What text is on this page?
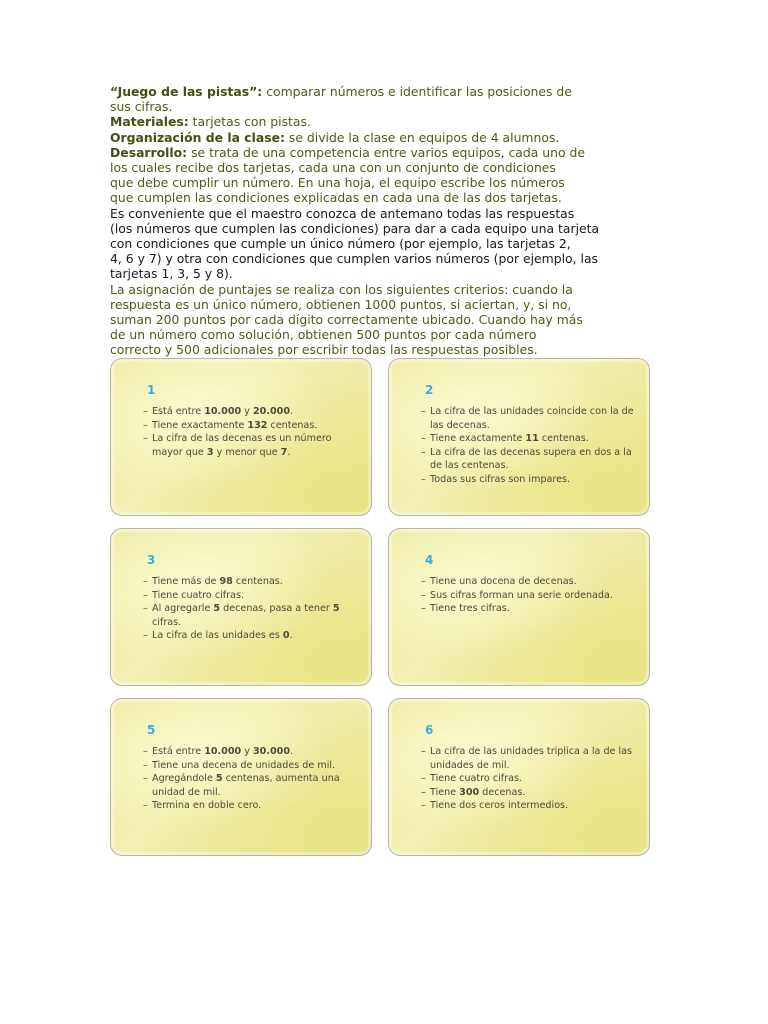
“Juego de las pistas”: comparar números e identificar las posiciones de
sus cifras.
Materiales: tarjetas con pistas.
Organización de la clase: se divide la clase en equipos de 4 alumnos.
Desarrollo: se trata de una competencia entre varios equipos, cada uno de
los cuales recibe dos tarjetas, cada una con un conjunto de condiciones
que debe cumplir un número. En una hoja, el equipo escribe los números
que cumplen las condiciones explicadas en cada una de las dos tarjetas.
Es conveniente que el maestro conozca de antemano todas las respuestas
(los números que cumplen las condiciones) para dar a cada equipo una tarjeta
con condiciones que cumple un único número (por ejemplo, las tarjetas 2,
4, 6 y 7) y otra con condiciones que cumplen varios números (por ejemplo, las
tarjetas 1, 3, 5 y 8).
La asignación de puntajes se realiza con los siguientes criterios: cuando la
respuesta es un único número, obtienen 1000 puntos, si aciertan, y, si no,
suman 200 puntos por cada dígito correctamente ubicado. Cuando hay más
de un número como solución, obtienen 500 puntos por cada número
correcto y 500 adicionales por escribir todas las respuestas posibles.
1
– Está entre 10.000 y 20.000.
– Tiene exactamente 132 centenas.
– La cifra de las decenas es un número mayor que 3 y menor que 7.
2
– La cifra de las unidades coincide con la de las decenas.
– Tiene exactamente 11 centenas.
– La cifra de las decenas supera en dos a la de las centenas.
– Todas sus cifras son impares.
3
– Tiene más de 98 centenas.
– Tiene cuatro cifras.
– Al agregarle 5 decenas, pasa a tener 5 cifras.
– La cifra de las unidades es 0.
4
– Tiene una docena de decenas.
– Sus cifras forman una serie ordenada.
– Tiene tres cifras.
5
– Está entre 10.000 y 30.000.
– Tiene una decena de unidades de mil.
– Agregándole 5 centenas, aumenta una unidad de mil.
– Termina en doble cero.
6
– La cifra de las unidades triplica a la de las unidades de mil.
– Tiene cuatro cifras.
– Tiene 300 decenas.
– Tiene dos ceros intermedios.
